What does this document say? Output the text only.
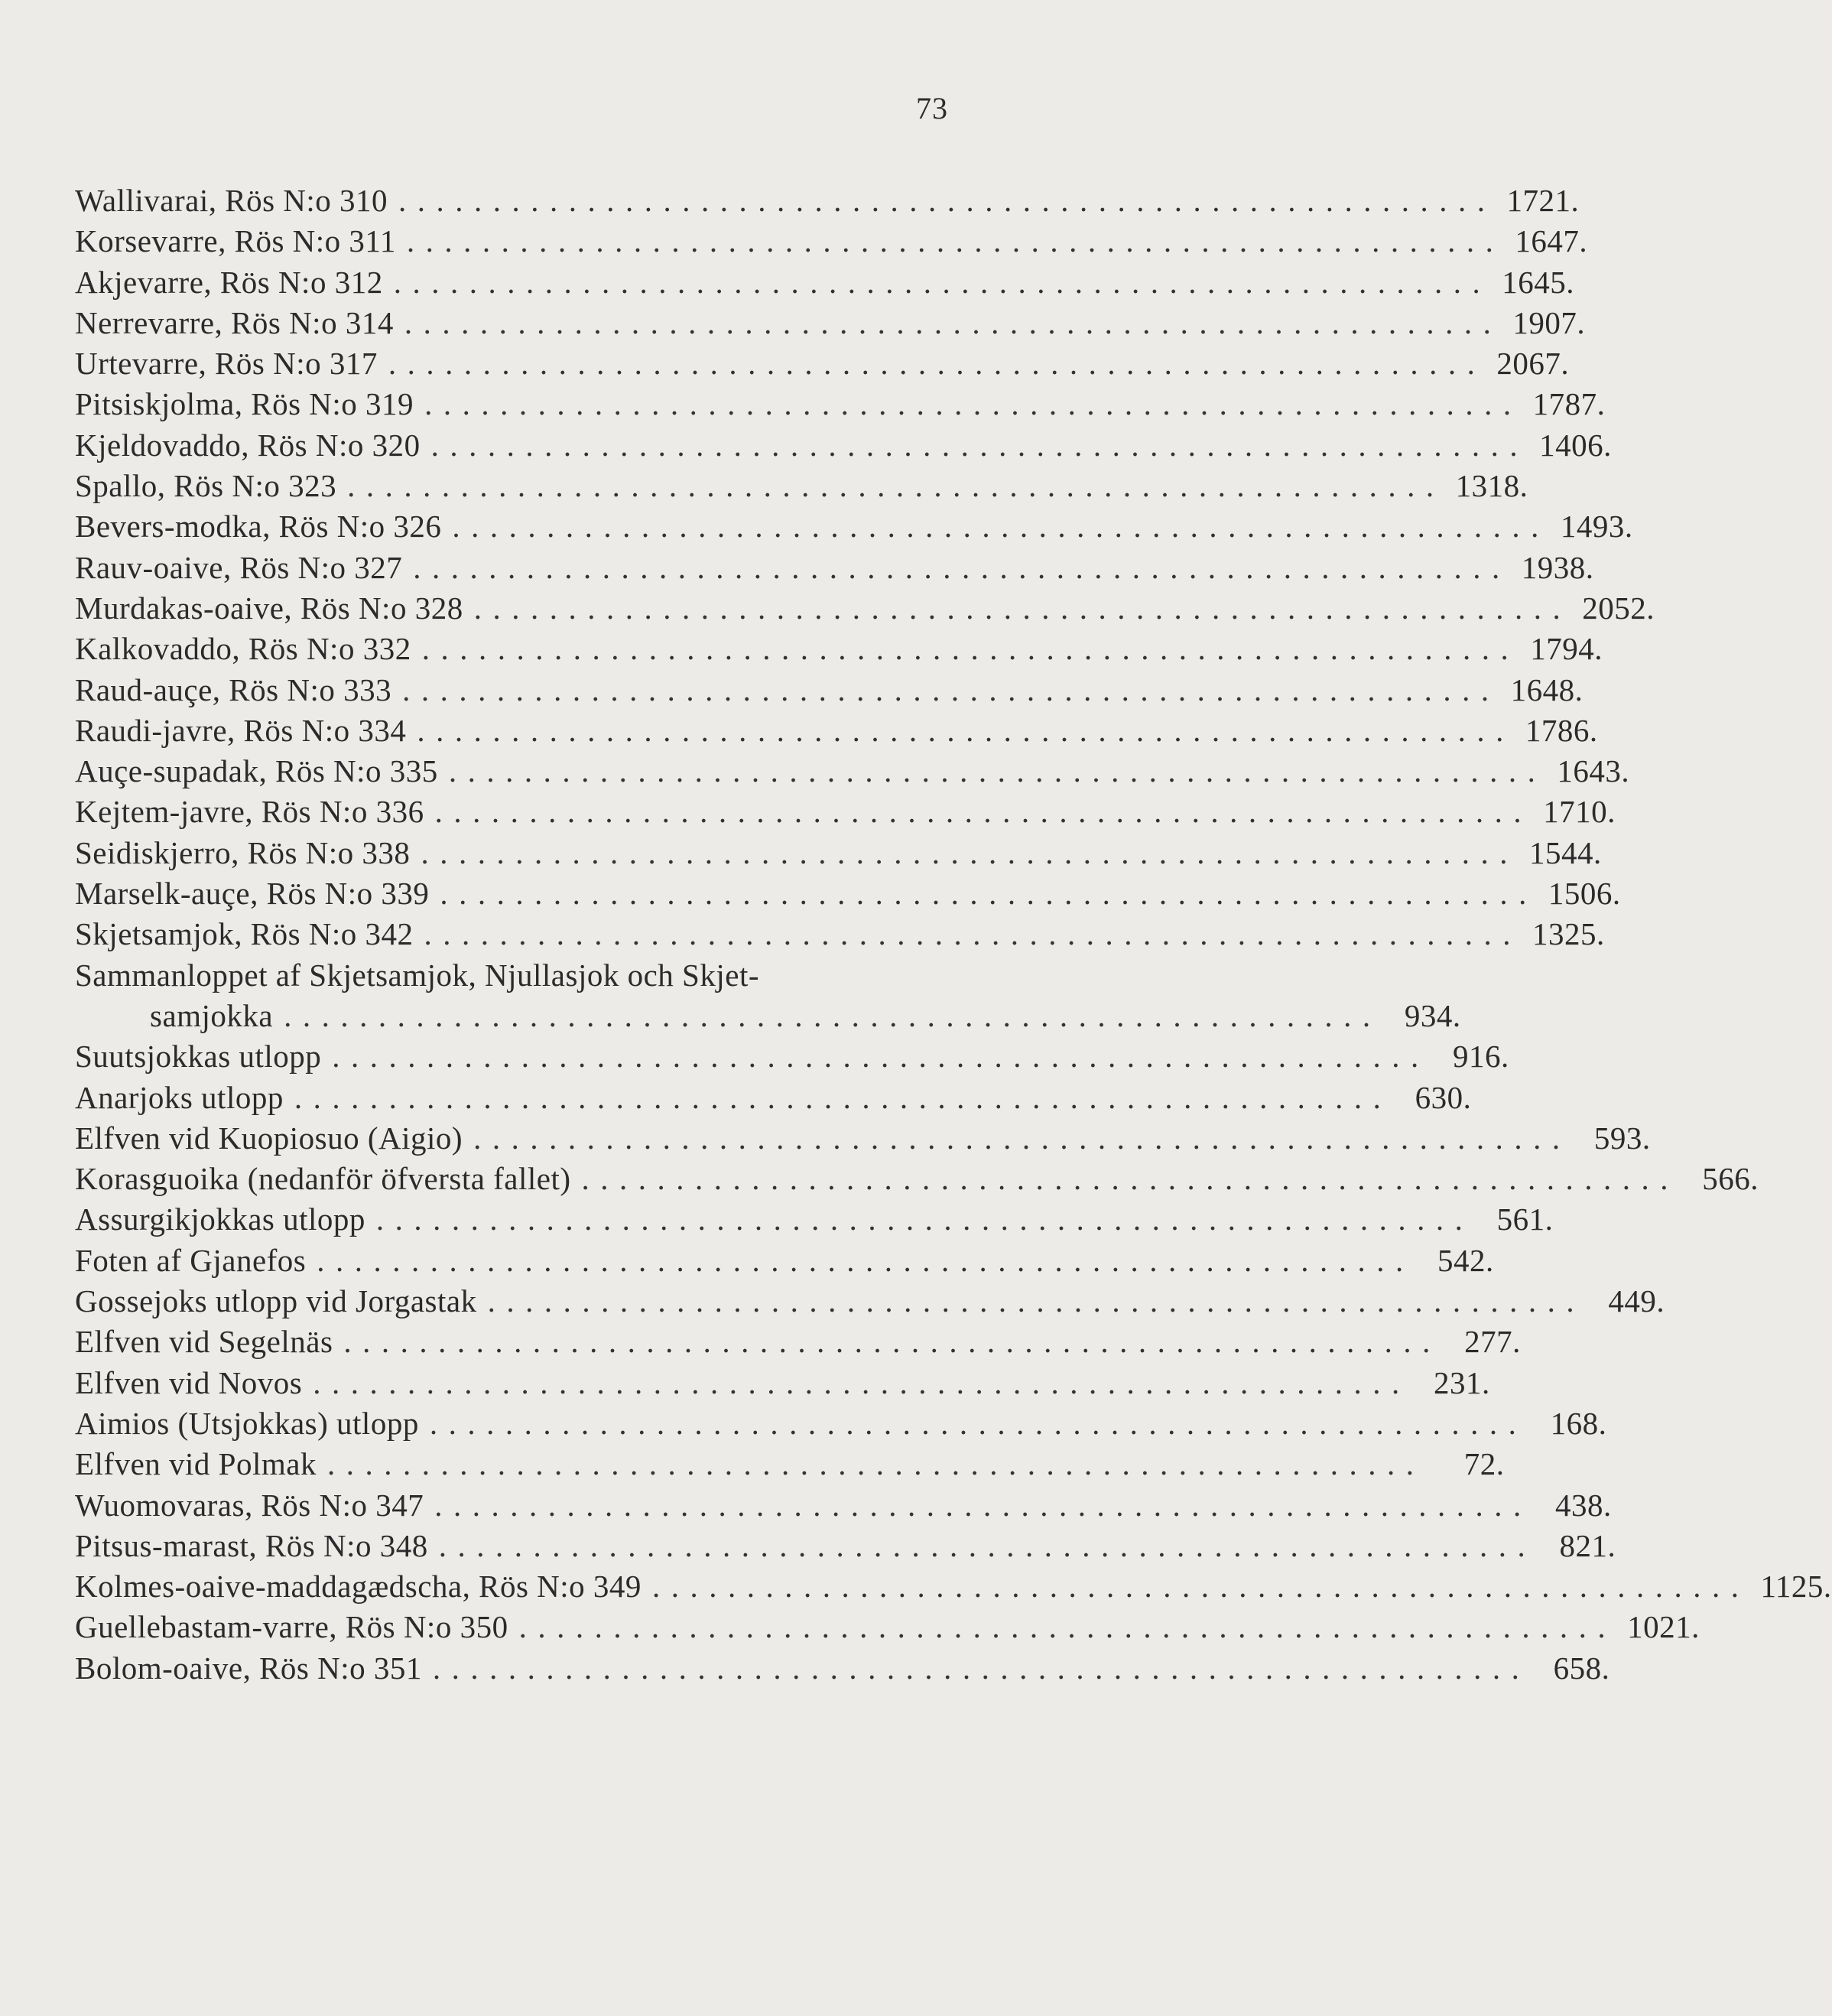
73
Wallivarai, Rös N:o 310 .......................................................... 1721.
Korsevarre, Rös N:o 311 .......................................................... 1647.
Akjevarre, Rös N:o 312 .......................................................... 1645.
Nerrevarre, Rös N:o 314 .......................................................... 1907.
Urtevarre, Rös N:o 317 .......................................................... 2067.
Pitsiskjolma, Rös N:o 319 .......................................................... 1787.
Kjeldovaddo, Rös N:o 320 .......................................................... 1406.
Spallo, Rös N:o 323 .......................................................... 1318.
Bevers-modka, Rös N:o 326 .......................................................... 1493.
Rauv-oaive, Rös N:o 327 .......................................................... 1938.
Murdakas-oaive, Rös N:o 328 .......................................................... 2052.
Kalkovaddo, Rös N:o 332 .......................................................... 1794.
Raud-auçe, Rös N:o 333 .......................................................... 1648.
Raudi-javre, Rös N:o 334 .......................................................... 1786.
Auçe-supadak, Rös N:o 335 .......................................................... 1643.
Kejtem-javre, Rös N:o 336 .......................................................... 1710.
Seidiskjerro, Rös N:o 338 .......................................................... 1544.
Marselk-auçe, Rös N:o 339 .......................................................... 1506.
Skjetsamjok, Rös N:o 342 .......................................................... 1325.
Sammanloppet af Skjetsamjok, Njullasjok och Skjet-
samjokka .......................................................... 934.
Suutsjokkas utlopp .......................................................... 916.
Anarjoks utlopp .......................................................... 630.
Elfven vid Kuopiosuo (Aigio) .......................................................... 593.
Korasguoika (nedanför öfversta fallet) .......................................................... 566.
Assurgikjokkas utlopp .......................................................... 561.
Foten af Gjanefos .......................................................... 542.
Gossejoks utlopp vid Jorgastak .......................................................... 449.
Elfven vid Segelnäs .......................................................... 277.
Elfven vid Novos .......................................................... 231.
Aimios (Utsjokkas) utlopp .......................................................... 168.
Elfven vid Polmak ..........................................................	72.
Wuomovaras, Rös N:o 347 .......................................................... 438.
Pitsus-marast, Rös N:o 348 .......................................................... 821.
Kolmes-oaive-maddagædscha, Rös N:o 349 .......................................................... 1125.
Guellebastam-varre, Rös N:o 350 .......................................................... 1021.
Bolom-oaive, Rös N:o 351 .......................................................... 658.
